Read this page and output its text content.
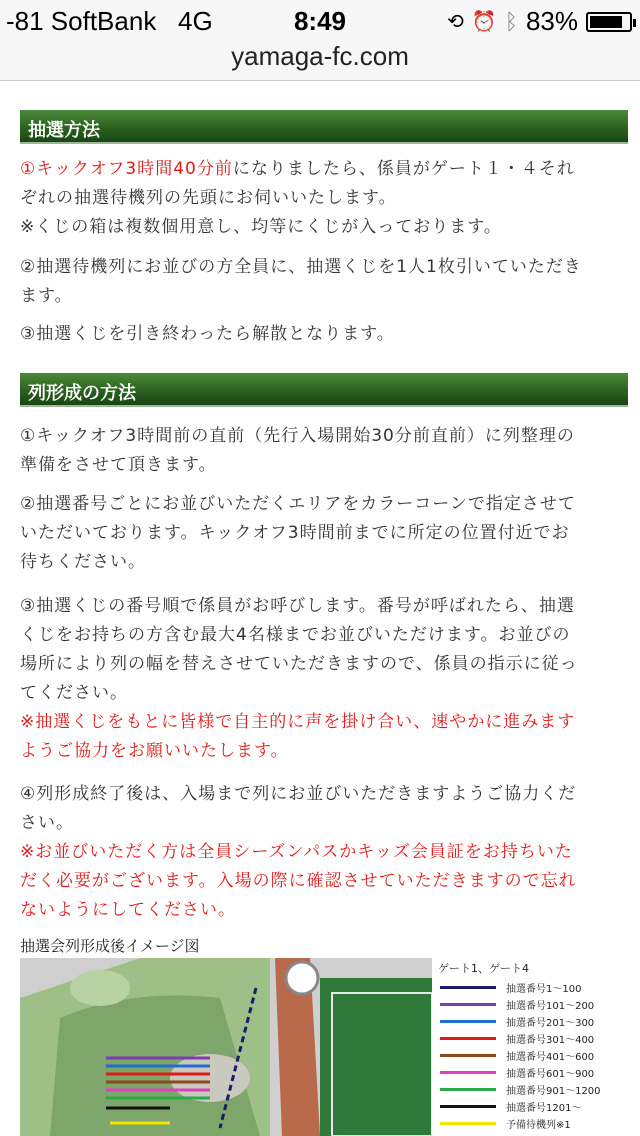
-81 SoftBank 4G	8:49	⟲ ⏰ ᛒ 83%
yamaga-fc.com
抽選方法
①キックオフ3時間40分前になりましたら、係員がゲート１・４それ
ぞれの抽選待機列の先頭にお伺いいたします。
※くじの箱は複数個用意し、均等にくじが入っております。
②抽選待機列にお並びの方全員に、抽選くじを1人1枚引いていただき
ます。
③抽選くじを引き終わったら解散となります。
列形成の方法
①キックオフ3時間前の直前（先行入場開始30分前直前）に列整理の
準備をさせて頂きます。
②抽選番号ごとにお並びいただくエリアをカラーコーンで指定させて
いただいております。キックオフ3時間前までに所定の位置付近でお
待ちください。
③抽選くじの番号順で係員がお呼びします。番号が呼ばれたら、抽選
くじをお持ちの方含む最大4名様までお並びいただけます。お並びの
場所により列の幅を替えさせていただきますので、係員の指示に従っ
てください。
※抽選くじをもとに皆様で自主的に声を掛け合い、速やかに進みます
ようご協力をお願いいたします。
④列形成終了後は、入場まで列にお並びいただきますようご協力くだ
さい。
※お並びいただく方は全員シーズンパスかキッズ会員証をお持ちいた
だく必要がございます。入場の際に確認させていただきますので忘れ
ないようにしてください。
抽選会列形成後イメージ図
ゲート1、ゲート4
抽選番号1〜100
抽選番号101〜200
抽選番号201〜300
抽選番号301〜400
抽選番号401〜600
抽選番号601〜900
抽選番号901〜1200
抽選番号1201〜
予備待機列※1
